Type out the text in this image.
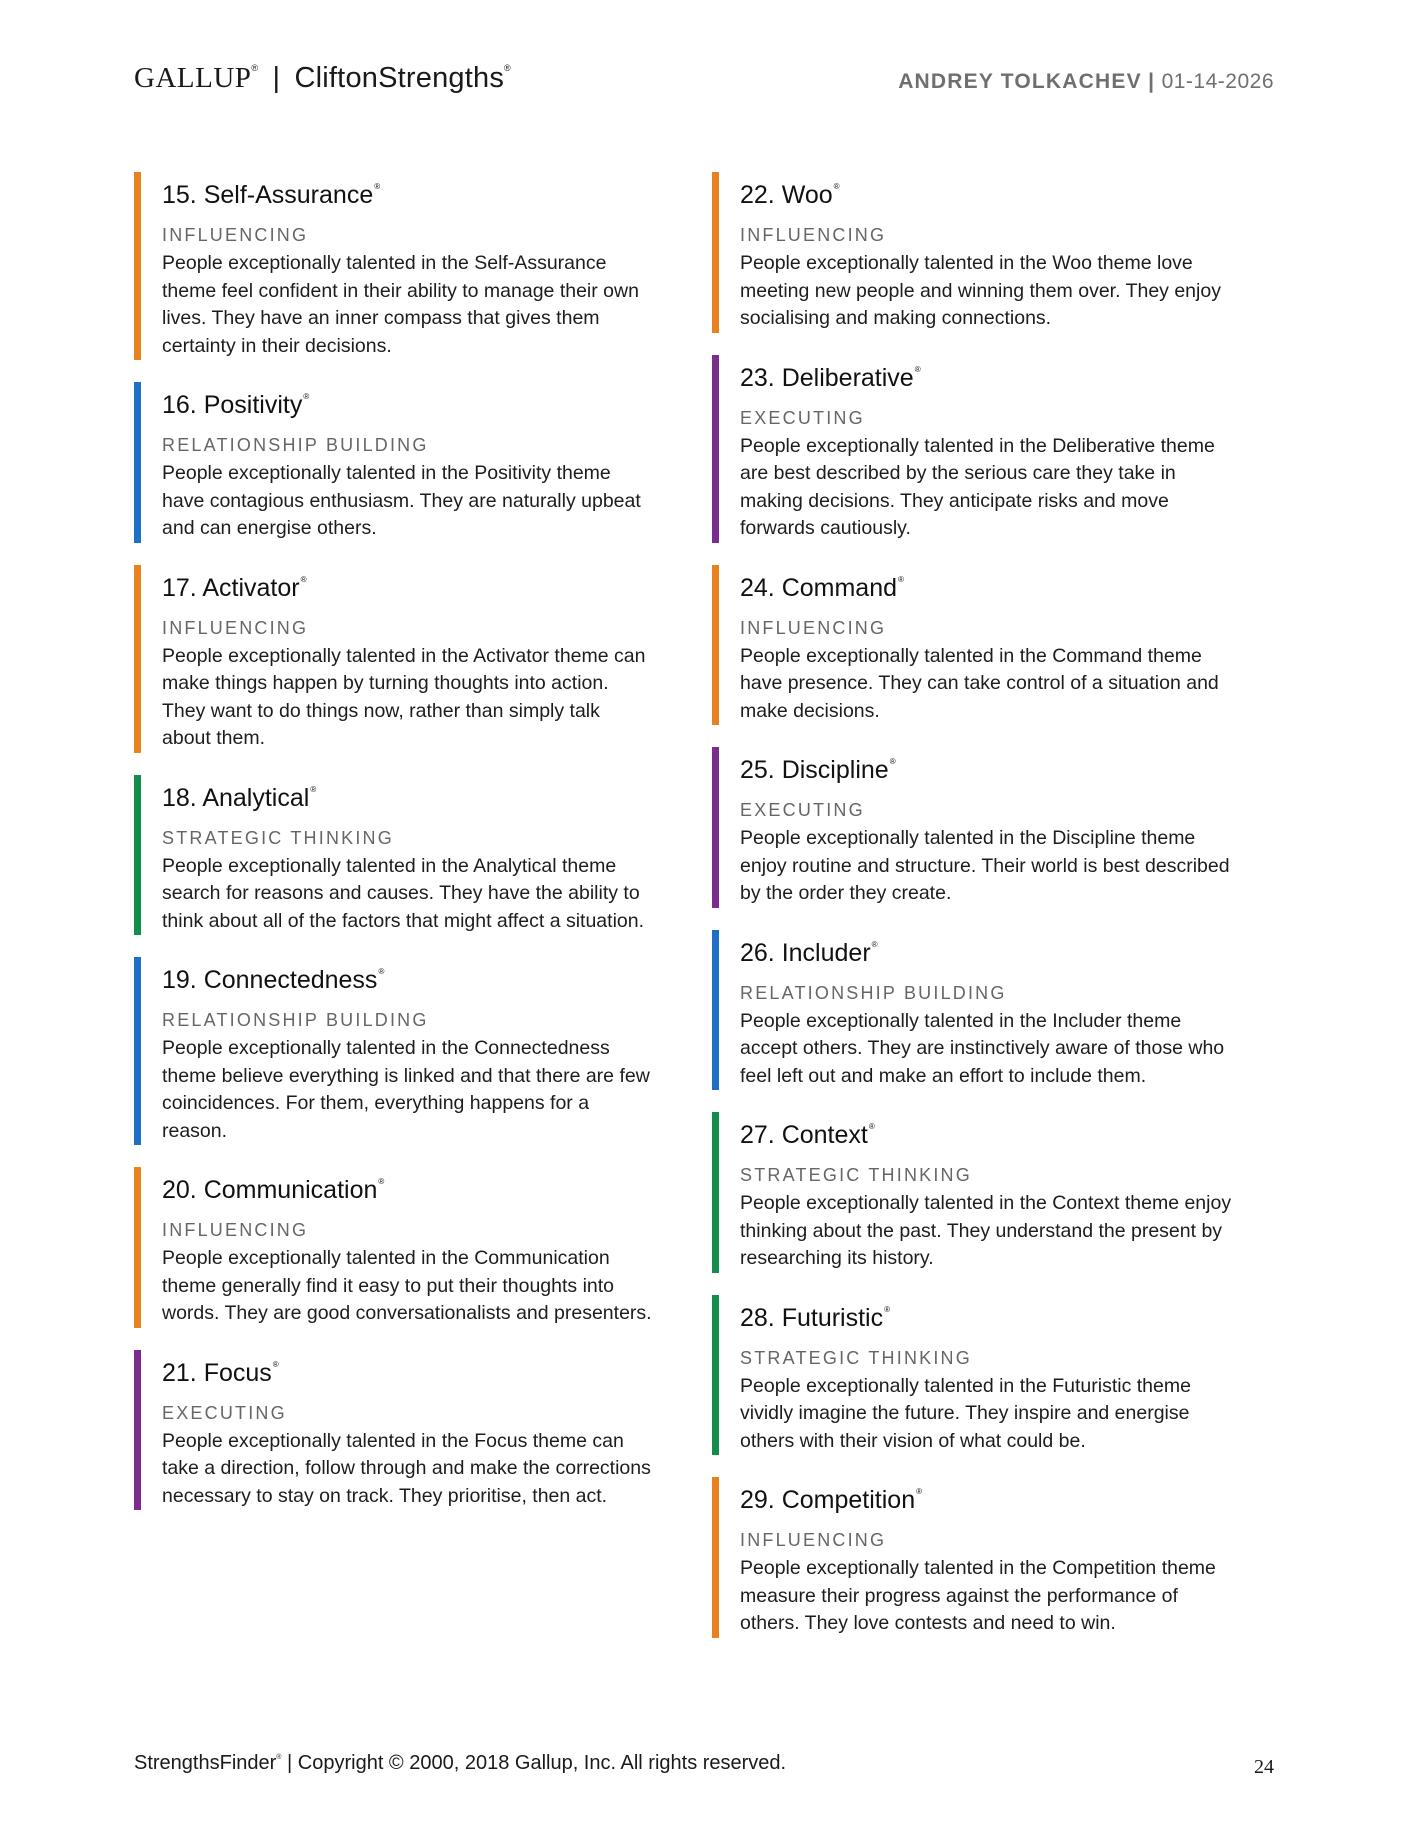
GALLUP® | CliftonStrengths®
ANDREY TOLKACHEV | 01-14-2026
15. Self-Assurance®
INFLUENCING

People exceptionally talented in the Self-Assurance theme feel confident in their ability to manage their own lives. They have an inner compass that gives them certainty in their decisions.

16. Positivity®
RELATIONSHIP BUILDING

People exceptionally talented in the Positivity theme have contagious enthusiasm. They are naturally upbeat and can energise others.

17. Activator®
INFLUENCING

People exceptionally talented in the Activator theme can make things happen by turning thoughts into action. They want to do things now, rather than simply talk about them.

18. Analytical®
STRATEGIC THINKING

People exceptionally talented in the Analytical theme search for reasons and causes. They have the ability to think about all of the factors that might affect a situation.

19. Connectedness®
RELATIONSHIP BUILDING

People exceptionally talented in the Connectedness theme believe everything is linked and that there are few coincidences. For them, everything happens for a reason.

20. Communication®
INFLUENCING

People exceptionally talented in the Communication theme generally find it easy to put their thoughts into words. They are good conversationalists and presenters.

21. Focus®
EXECUTING

People exceptionally talented in the Focus theme can take a direction, follow through and make the corrections necessary to stay on track. They prioritise, then act.

22. Woo®
INFLUENCING

People exceptionally talented in the Woo theme love meeting new people and winning them over. They enjoy socialising and making connections.

23. Deliberative®
EXECUTING

People exceptionally talented in the Deliberative theme are best described by the serious care they take in making decisions. They anticipate risks and move forwards cautiously.

24. Command®
INFLUENCING

People exceptionally talented in the Command theme have presence. They can take control of a situation and make decisions.

25. Discipline®
EXECUTING

People exceptionally talented in the Discipline theme enjoy routine and structure. Their world is best described by the order they create.

26. Includer®
RELATIONSHIP BUILDING

People exceptionally talented in the Includer theme accept others. They are instinctively aware of those who feel left out and make an effort to include them.

27. Context®
STRATEGIC THINKING

People exceptionally talented in the Context theme enjoy thinking about the past. They understand the present by researching its history.

28. Futuristic®
STRATEGIC THINKING

People exceptionally talented in the Futuristic theme vividly imagine the future. They inspire and energise others with their vision of what could be.

29. Competition®
INFLUENCING

People exceptionally talented in the Competition theme measure their progress against the performance of others. They love contests and need to win.

StrengthsFinder® | Copyright © 2000, 2018 Gallup, Inc. All rights reserved.	24
